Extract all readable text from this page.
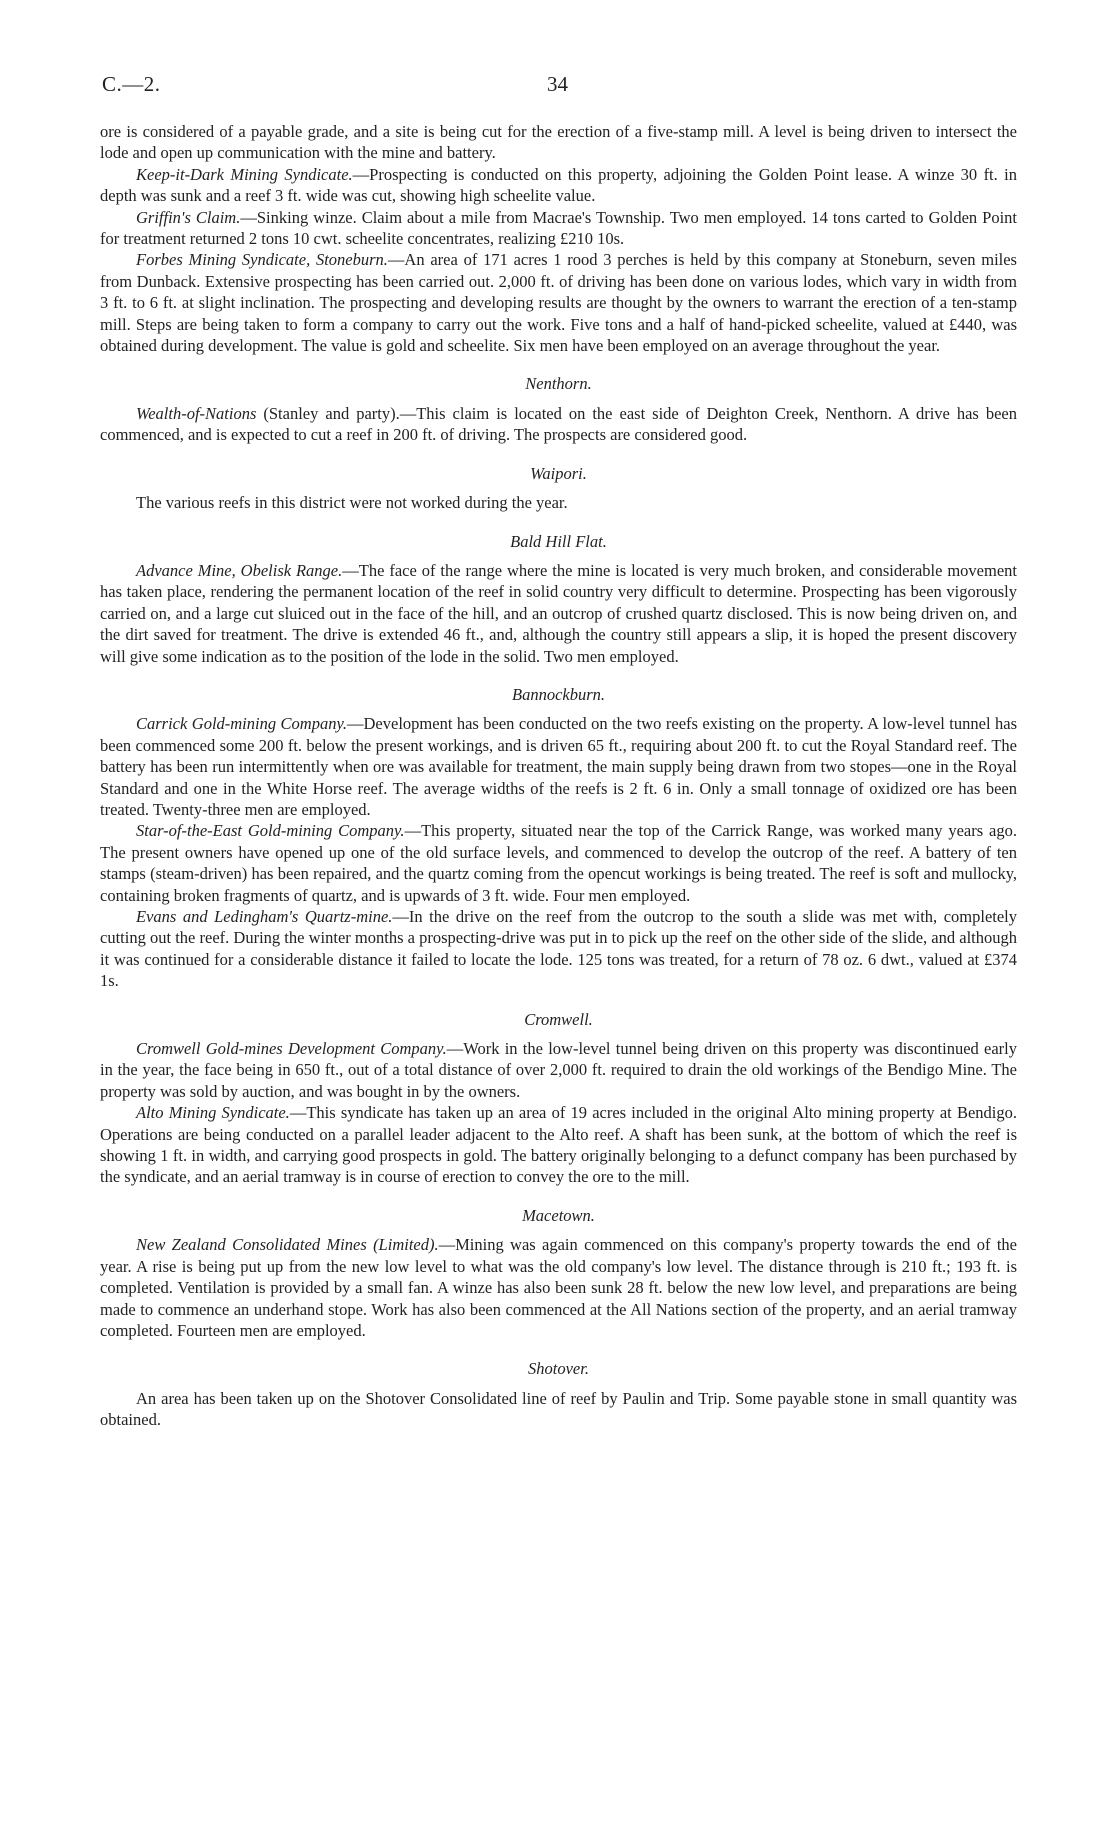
C.—2.	34

ore is considered of a payable grade, and a site is being cut for the erection of a five-stamp mill. A level is being driven to intersect the lode and open up communication with the mine and battery.

Keep-it-Dark Mining Syndicate.—Prospecting is conducted on this property, adjoining the Golden Point lease. A winze 30 ft. in depth was sunk and a reef 3 ft. wide was cut, showing high scheelite value.

Griffin's Claim.—Sinking winze. Claim about a mile from Macrae's Township. Two men employed. 14 tons carted to Golden Point for treatment returned 2 tons 10 cwt. scheelite concentrates, realizing £210 10s.

Forbes Mining Syndicate, Stoneburn.—An area of 171 acres 1 rood 3 perches is held by this company at Stoneburn, seven miles from Dunback. Extensive prospecting has been carried out. 2,000 ft. of driving has been done on various lodes, which vary in width from 3 ft. to 6 ft. at slight inclination. The prospecting and developing results are thought by the owners to warrant the erection of a ten-stamp mill. Steps are being taken to form a company to carry out the work. Five tons and a half of hand-picked scheelite, valued at £440, was obtained during development. The value is gold and scheelite. Six men have been employed on an average throughout the year.

Nenthorn.

Wealth-of-Nations (Stanley and party).—This claim is located on the east side of Deighton Creek, Nenthorn. A drive has been commenced, and is expected to cut a reef in 200 ft. of driving. The prospects are considered good.

Waipori.

The various reefs in this district were not worked during the year.

Bald Hill Flat.

Advance Mine, Obelisk Range.—The face of the range where the mine is located is very much broken, and considerable movement has taken place, rendering the permanent location of the reef in solid country very difficult to determine. Prospecting has been vigorously carried on, and a large cut sluiced out in the face of the hill, and an outcrop of crushed quartz disclosed. This is now being driven on, and the dirt saved for treatment. The drive is extended 46 ft., and, although the country still appears a slip, it is hoped the present discovery will give some indication as to the position of the lode in the solid. Two men employed.

Bannockburn.

Carrick Gold-mining Company.—Development has been conducted on the two reefs existing on the property. A low-level tunnel has been commenced some 200 ft. below the present workings, and is driven 65 ft., requiring about 200 ft. to cut the Royal Standard reef. The battery has been run intermittently when ore was available for treatment, the main supply being drawn from two stopes—one in the Royal Standard and one in the White Horse reef. The average widths of the reefs is 2 ft. 6 in. Only a small tonnage of oxidized ore has been treated. Twenty-three men are employed.

Star-of-the-East Gold-mining Company.—This property, situated near the top of the Carrick Range, was worked many years ago. The present owners have opened up one of the old surface levels, and commenced to develop the outcrop of the reef. A battery of ten stamps (steam-driven) has been repaired, and the quartz coming from the opencut workings is being treated. The reef is soft and mullocky, containing broken fragments of quartz, and is upwards of 3 ft. wide. Four men employed.

Evans and Ledingham's Quartz-mine.—In the drive on the reef from the outcrop to the south a slide was met with, completely cutting out the reef. During the winter months a prospecting-drive was put in to pick up the reef on the other side of the slide, and although it was continued for a considerable distance it failed to locate the lode. 125 tons was treated, for a return of 78 oz. 6 dwt., valued at £374 1s.

Cromwell.

Cromwell Gold-mines Development Company.—Work in the low-level tunnel being driven on this property was discontinued early in the year, the face being in 650 ft., out of a total distance of over 2,000 ft. required to drain the old workings of the Bendigo Mine. The property was sold by auction, and was bought in by the owners.

Alto Mining Syndicate.—This syndicate has taken up an area of 19 acres included in the original Alto mining property at Bendigo. Operations are being conducted on a parallel leader adjacent to the Alto reef. A shaft has been sunk, at the bottom of which the reef is showing 1 ft. in width, and carrying good prospects in gold. The battery originally belonging to a defunct company has been purchased by the syndicate, and an aerial tramway is in course of erection to convey the ore to the mill.

Macetown.

New Zealand Consolidated Mines (Limited).—Mining was again commenced on this company's property towards the end of the year. A rise is being put up from the new low level to what was the old company's low level. The distance through is 210 ft.; 193 ft. is completed. Ventilation is provided by a small fan. A winze has also been sunk 28 ft. below the new low level, and preparations are being made to commence an underhand stope. Work has also been commenced at the All Nations section of the property, and an aerial tramway completed. Fourteen men are employed.

Shotover.

An area has been taken up on the Shotover Consolidated line of reef by Paulin and Trip. Some payable stone in small quantity was obtained.
